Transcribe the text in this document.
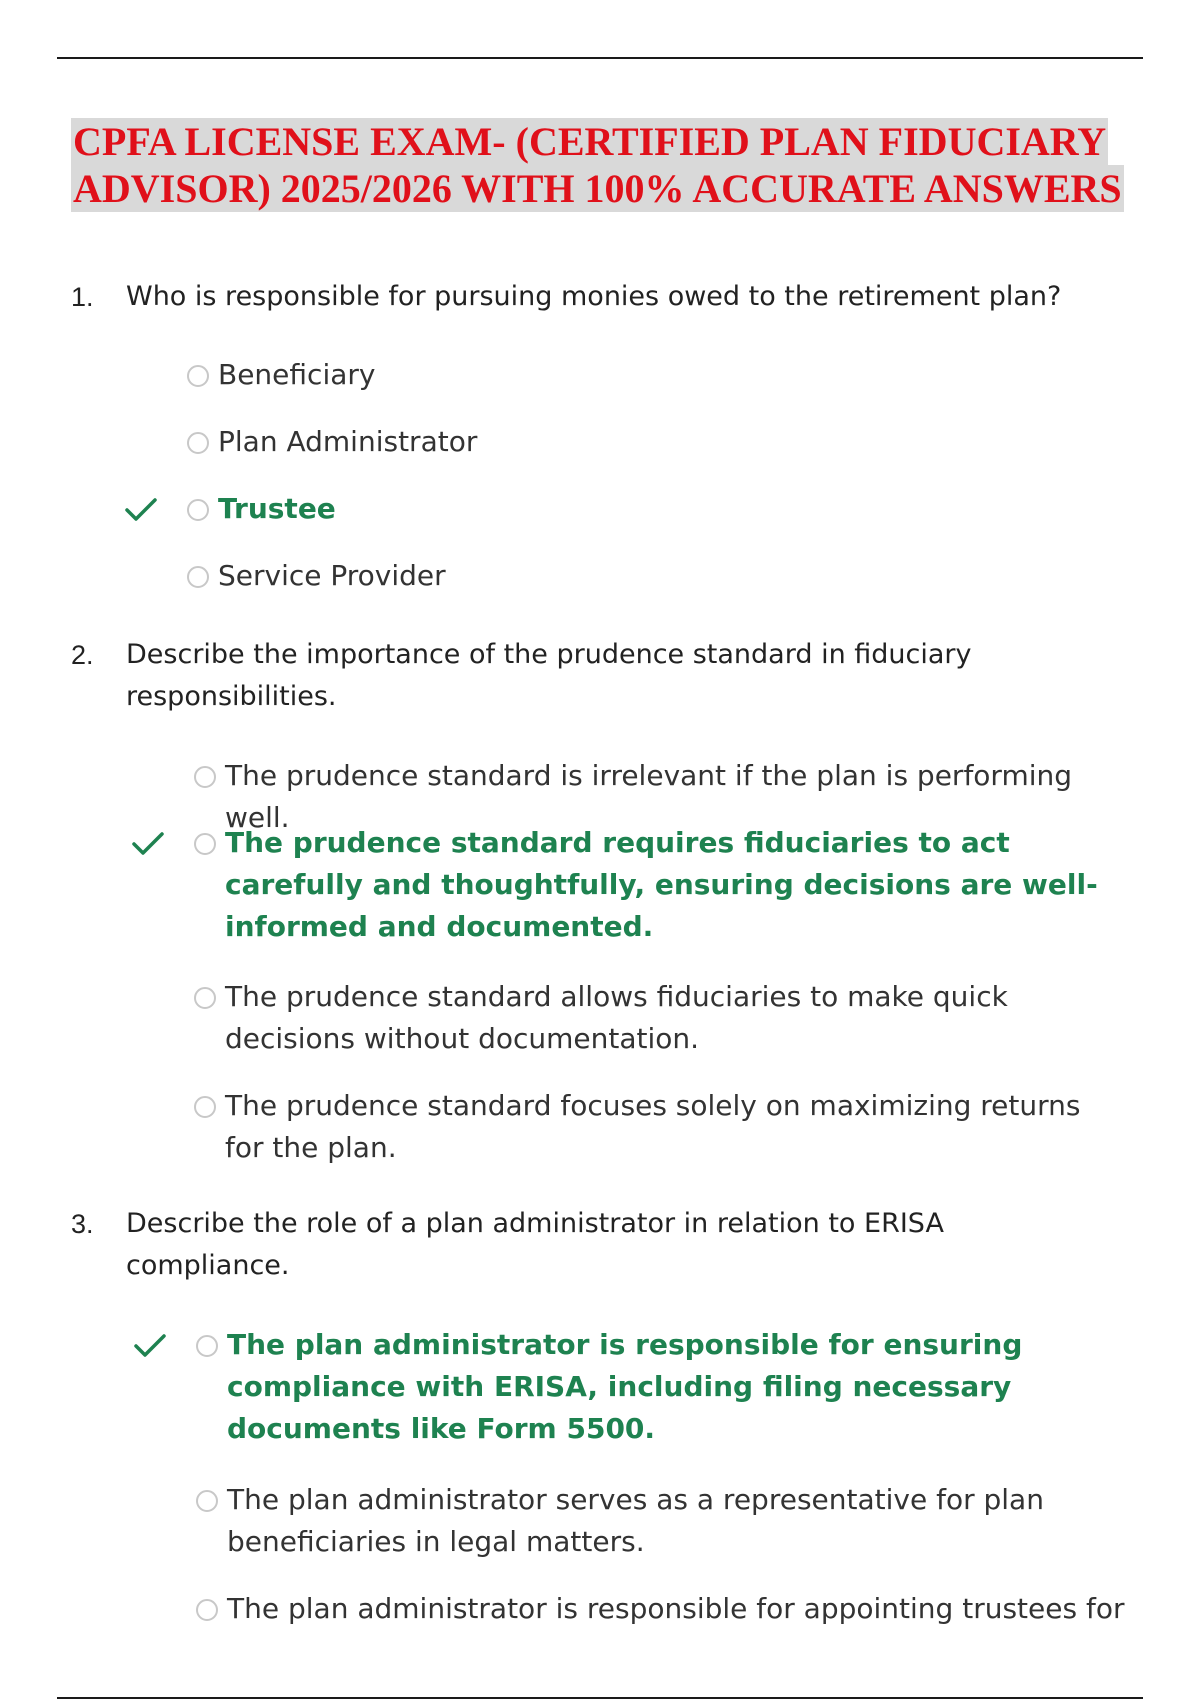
CPFA LICENSE EXAM- (CERTIFIED PLAN FIDUCIARY
ADVISOR) 2025/2026 WITH 100% ACCURATE ANSWERS
1. Who is responsible for pursuing monies owed to the retirement plan?
Beneficiary
Plan Administrator
Trustee
Service Provider
2. Describe the importance of the prudence standard in fiduciary responsibilities.
The prudence standard is irrelevant if the plan is performing well.
The prudence standard requires fiduciaries to act carefully and thoughtfully, ensuring decisions are well-informed and documented.
The prudence standard allows fiduciaries to make quick decisions without documentation.
The prudence standard focuses solely on maximizing returns for the plan.
3. Describe the role of a plan administrator in relation to ERISA compliance.
The plan administrator is responsible for ensuring compliance with ERISA, including filing necessary documents like Form 5500.
The plan administrator serves as a representative for plan beneficiaries in legal matters.
The plan administrator is responsible for appointing trustees for
